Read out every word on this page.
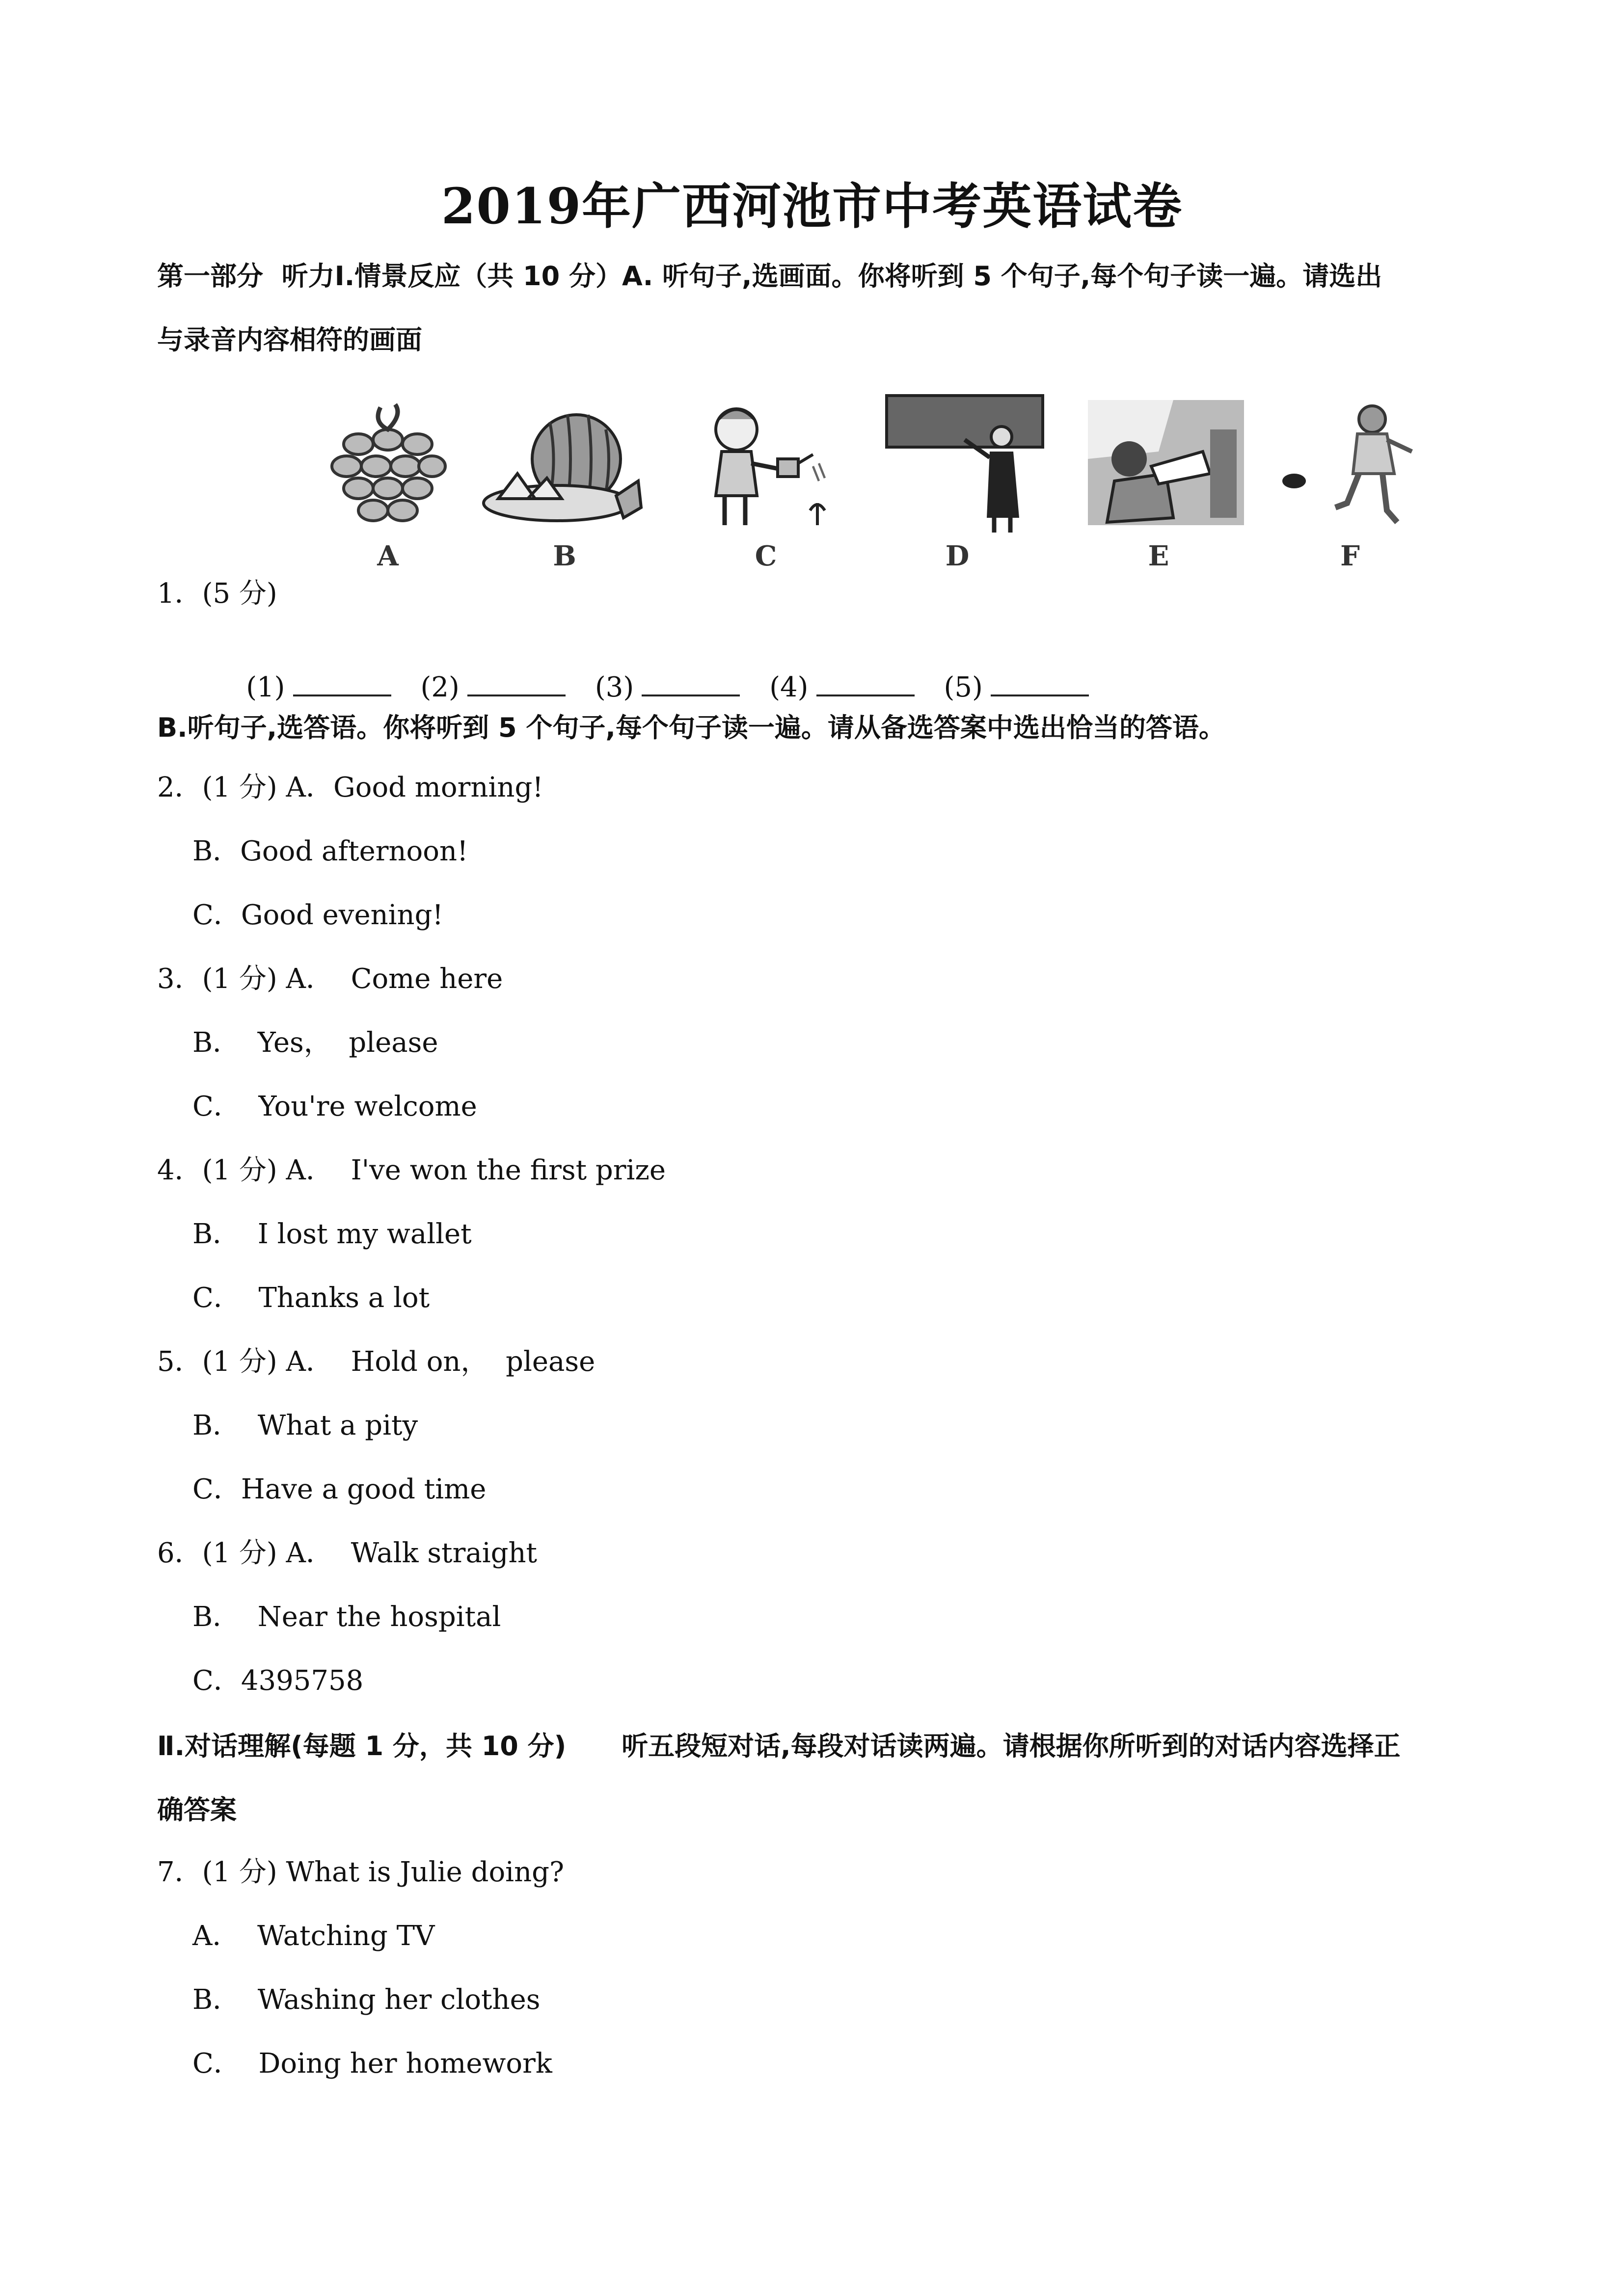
2019年广西河池市中考英语试卷
第一部分  听力Ⅰ.情景反应（共 10 分）A. 听句子,选画面。你将听到 5 个句子,每个句子读一遍。请选出
与录音内容相符的画面
A	B	C	D	E	F
1．(5 分)

(1)	(2)	(3)	(4)	(5)

B.听句子,选答语。你将听到 5 个句子,每个句子读一遍。请从备选答案中选出恰当的答语。
2．(1 分) A．Good morning!
B．Good afternoon!
C．Good evening!
3．(1 分) A．  Come here
B．  Yes，  please
C．  You're welcome
4．(1 分) A．  I've won the first prize
B．  I lost my wallet
C．  Thanks a lot
5．(1 分) A．  Hold on，  please
B．  What a pity
C．Have a good time
6．(1 分) A．  Walk straight
B．  Near the hospital
C．4395758
Ⅱ.对话理解(每题 1 分，共 10 分)      听五段短对话,每段对话读两遍。请根据你所听到的对话内容选择正
确答案
7．(1 分) What is Julie doing?
A．  Watching TV
B．  Washing her clothes
C．  Doing her homework
